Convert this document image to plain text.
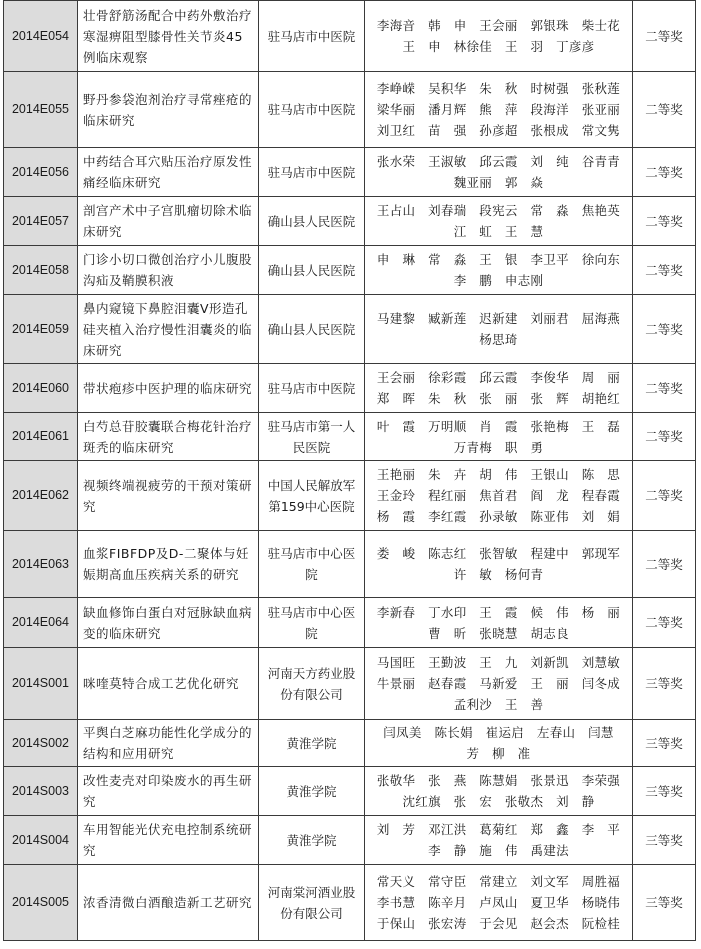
2014E054	壮骨舒筋汤配合中药外敷治疗寒湿痹阻型膝骨性关节炎45例临床观察	驻马店市中医院	李海音　韩　申　王会丽　郭银珠　柴士花
王　申　林徐佳　王　羽　丁彦彦	二等奖
2014E055	野丹参袋泡剂治疗寻常痤疮的临床研究	驻马店市中医院	李峥嵘　吴积华　朱　秋　时树强　张秋莲
梁华丽　潘月辉　熊　萍　段海洋　张亚丽
刘卫红　苗　强　孙彦超　张根成　常文隽	二等奖
2014E056	中药结合耳穴贴压治疗原发性痛经临床研究	驻马店市中医院	张水荣　王淑敏　邱云霞　刘　纯　谷青青
魏亚丽　郭　焱	二等奖
2014E057	剖宫产术中子宫肌瘤切除术临床研究	确山县人民医院	王占山　刘春瑞　段宪云　常　淼　焦艳英
江　虹　王　慧	二等奖
2014E058	门诊小切口微创治疗小儿腹股沟疝及鞘膜积液	确山县人民医院	申　琳　常　淼　王　银　李卫平　徐向东
李　鹏　申志刚	二等奖
2014E059	鼻内窥镜下鼻腔泪囊V形造孔硅夹植入治疗慢性泪囊炎的临床研究	确山县人民医院	马建黎　臧新莲　迟新建　刘丽君　屈海燕
杨思琦	二等奖
2014E060	带状疱疹中医护理的临床研究	驻马店市中医院	王会丽　徐彩霞　邱云霞　李俊华　周　丽
郑　晖　朱　秋　张　丽　张　辉　胡艳红	二等奖
2014E061	白芍总苷胶囊联合梅花针治疗斑秃的临床研究	驻马店市第一人民医院	叶　霞　万明顺　肖　霞　张艳梅　王　磊
万青梅　职　勇	二等奖
2014E062	视频终端视疲劳的干预对策研究	中国人民解放军第159中心医院	王艳丽　朱　卉　胡　伟　王银山　陈　思
王金玲　程红丽　焦首君　阎　龙　程春霞
杨　霞　李红霞　孙录敏　陈亚伟　刘　娟	二等奖
2014E063	血浆FIBFDP及D-二聚体与妊娠期高血压疾病关系的研究	驻马店市中心医院	娄　峻　陈志红　张智敏　程建中　郭现军
许　敏　杨何青	二等奖
2014E064	缺血修饰白蛋白对冠脉缺血病变的临床研究	驻马店市中心医院	李新春　丁水印　王　霞　候　伟　杨　丽
曹　昕　张晓慧　胡志良	二等奖
2014S001	咪喹莫特合成工艺优化研究	河南天方药业股份有限公司	马国旺　王勤波　王　九　刘新凯　刘慧敏
牛景丽　赵春霞　马新爱　王　丽　闫冬成
孟利沙　王　善	三等奖
2014S002	平舆白芝麻功能性化学成分的结构和应用研究	黄淮学院	闫凤美　陈长娟　崔运启　左春山　闫慧
芳　柳　准	三等奖
2014S003	改性麦壳对印染废水的再生研究	黄淮学院	张敬华　张　燕　陈慧娟　张景迅　李荣强
沈红旗　张　宏　张敬杰　刘　静	三等奖
2014S004	车用智能光伏充电控制系统研究	黄淮学院	刘　芳　邓江洪　葛菊红　郑　鑫　李　平
李　静　施　伟　禹建法	三等奖
2014S005	浓香清微白酒酿造新工艺研究	河南棠河酒业股份有限公司	常天义　常守臣　常建立　刘文军　周胜福
李书慧　陈辛月　卢凤山　夏卫华　杨晓伟
于保山　张宏涛　于会见　赵会杰　阮检桂	三等奖
